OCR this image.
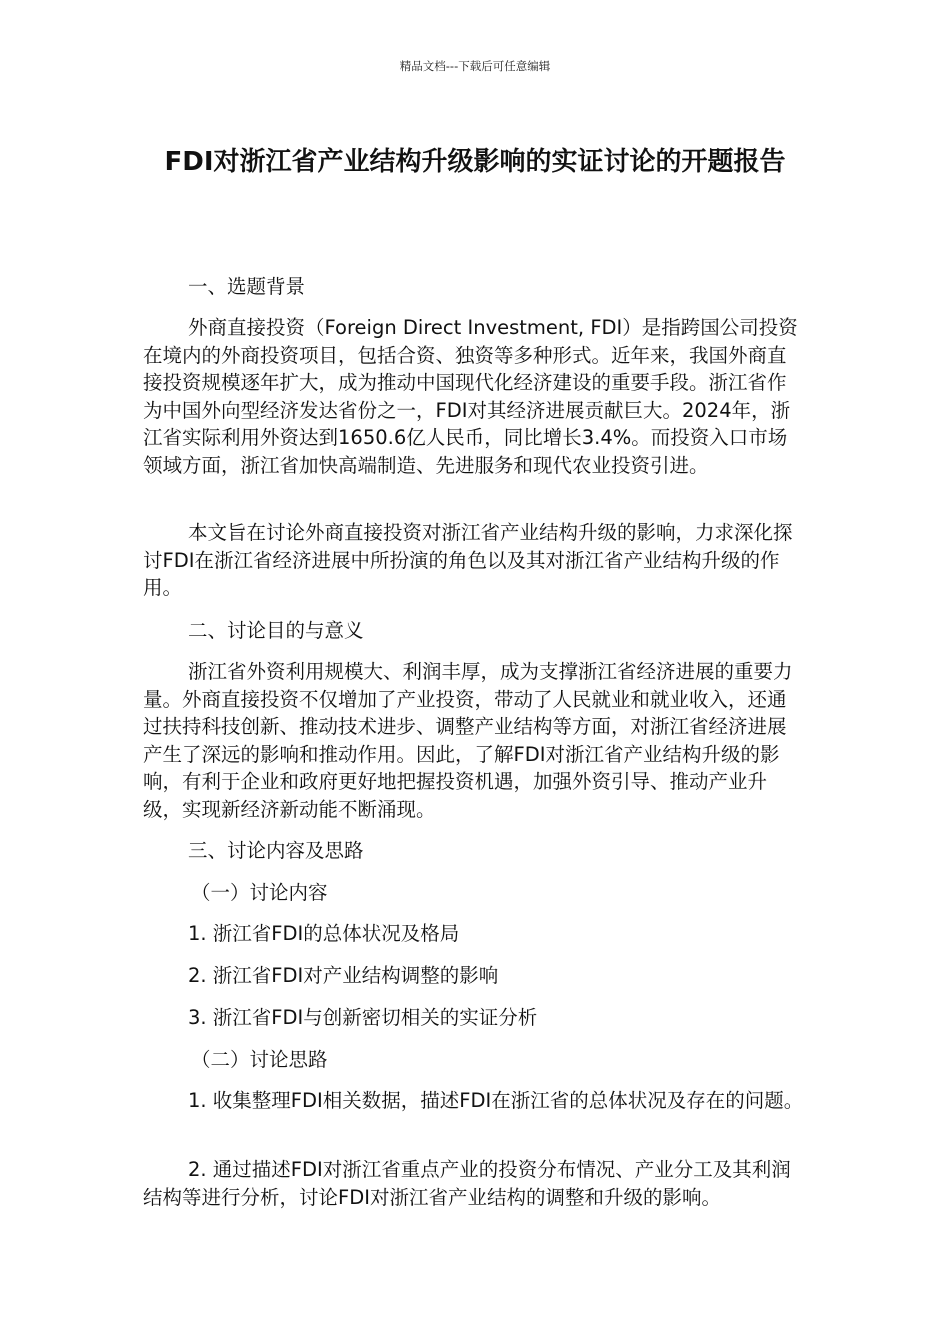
精品文档---下载后可任意编辑
FDI对浙江省产业结构升级影响的实证讨论的开题报告
一、选题背景
外商直接投资（Foreign Direct Investment, FDI）是指跨国公司投资在境内的外商投资项目，包括合资、独资等多种形式。近年来，我国外商直接投资规模逐年扩大，成为推动中国现代化经济建设的重要手段。浙江省作为中国外向型经济发达省份之一，FDI对其经济进展贡献巨大。2024年，浙江省实际利用外资达到1650.6亿人民币，同比增长3.4%。而投资入口市场领域方面，浙江省加快高端制造、先进服务和现代农业投资引进。
本文旨在讨论外商直接投资对浙江省产业结构升级的影响，力求深化探讨FDI在浙江省经济进展中所扮演的角色以及其对浙江省产业结构升级的作用。
二、讨论目的与意义
浙江省外资利用规模大、利润丰厚，成为支撑浙江省经济进展的重要力量。外商直接投资不仅增加了产业投资，带动了人民就业和就业收入，还通过扶持科技创新、推动技术进步、调整产业结构等方面，对浙江省经济进展产生了深远的影响和推动作用。因此，了解FDI对浙江省产业结构升级的影响，有利于企业和政府更好地把握投资机遇，加强外资引导、推动产业升级，实现新经济新动能不断涌现。
三、讨论内容及思路
（一）讨论内容
1. 浙江省FDI的总体状况及格局
2. 浙江省FDI对产业结构调整的影响
3. 浙江省FDI与创新密切相关的实证分析
（二）讨论思路
1. 收集整理FDI相关数据，描述FDI在浙江省的总体状况及存在的问题。
2. 通过描述FDI对浙江省重点产业的投资分布情况、产业分工及其利润结构等进行分析，讨论FDI对浙江省产业结构的调整和升级的影响。
